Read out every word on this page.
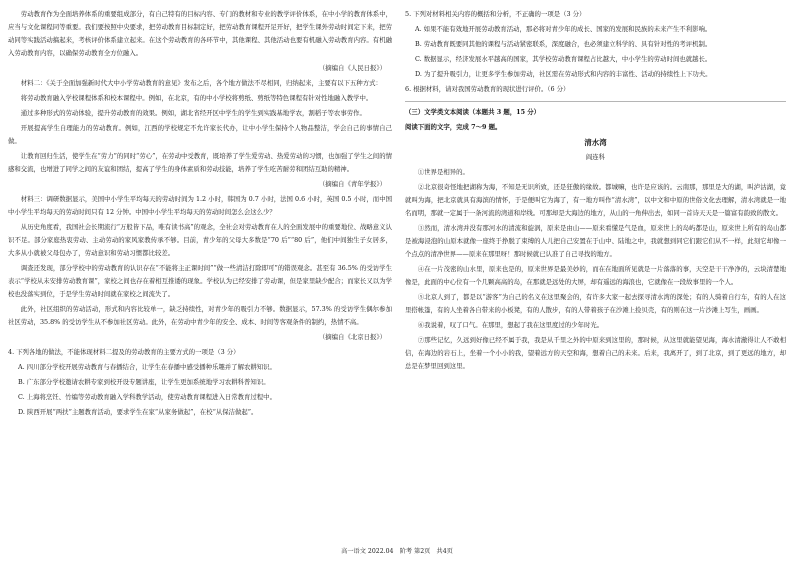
劳动教育作为全面培养体系的重要组成部分，有自己特有的目标内容、专门的教材和专业的教学评价体系，在中小学的教育体系中，应当与文化课程同等重要。我们要按照中央要求，把劳动教育目标制定好，把劳动教育课程开足开好，把学生课外劳动时间定下来，把劳动同等实践活动搞起来，考核评价体系建立起来。在这个劳动教育的各环节中，其他课程、其他活动也要有机融入劳动教育内容。有机融入劳动教育内容，以确保劳动教育全方位融入。

（摘编自《人民日报》）

材料二：《关于全面加强新时代大中小学劳动教育的意见》发布之后，各个地方做法不尽相同，归纳起来，主要有以下五种方式：

将劳动教育融入学校课程体系和校本课程中。例如，在北京，有的中小学校将剪纸、剪纸等特色课程有针对性地融入教学中。

通过多种形式的劳动体验，提升劳动教育的效果。例如，湖北省经开区中学生的学生到实践基地学农，割稻子等农事劳作。

开展提高学生自理能力的劳动教育。例如，江西的学校规定不允许家长代办，让中小学生保持个人物品整洁，学会自己的事情自己做。

让教育回归生活，使学生在“劳力”的同时“劳心”，在劳动中受教育，既培养了学生爱劳动、热爱劳动的习惯，也加强了学生之间的情感和交流，也增进了同学之间的友谊和团结，提高了学生的身体素质和劳动技能，培养了学生吃苦耐劳和团结互助的精神。

（摘编自《青年学报》）

材料三：调研数据显示，美国中小学生平均每天的劳动时间为 1.2 小时，韩国为 0.7 小时，法国 0.6 小时，英国 0.5 小时，而中国中小学生平均每天的劳动时间只有 12 分钟。中国中小学生平均每天的劳动时间怎么会这么少？

从历史角度看，我国社会长期流行“万般皆下品，唯有读书高”的观念，全社会对劳动教育在人的全面发展中的重要地位、战略意义认识不足。部分家庭热衷劳动、主动劳动的家风家教传承不够。目前，青少年的父母大多数是“70 后”“80 后”，他们中间独生子女居多，大多从小就被父母包办了，劳动意识和劳动习惯都比较差。

调查还发现，部分学校中的劳动教育的认识存在“不能将主正课时间”“做一些清洁打除即可”的错误观念。甚至有 36.5% 的受访学生表示“学校从未安排劳动教育课”，家校之间也存在着相互推诿的现象。学校认为已经安排了劳动课，但是家里缺少配合；而家长又以为学校也没落实到位，于是学生劳动时间就在家校之间流失了。

此外，社区组织的劳动活动，形式和内容比较单一，缺乏持续性，对青少年的吸引力不够。数据显示，57.3% 的受访学生偶尔参加社区劳动，35.8% 的受访学生从不参加社区劳动。此外，在劳动中青少年的安全、成本、时间等客观条件的制约，热情不高。

（摘编自《北京日报》）

4. 下列各地的做法，不能体现材料二提及的劳动教育的主要方式的一项是（3 分）

A. 四川部分学校开展劳动教育与春播结合，让学生在春播中感受播种乐趣并了解农耕知识。

B. 广东部分学校邀请农耕专家到校开设专题讲座，让学生更加系统地学习农耕科普知识。

C. 上海将烹饪、竹编等劳动教育融入学科教学活动，使劳动教育课程进入日常教育过程中。

D. 陕西开展“两扶”主题教育活动，要求学生在家“从家务做起”，在校“从保洁做起”。

5. 下列对材料相关内容的概括和分析，不正确的一项是（3 分）

A. 如果不能有效地开展劳动教育活动，那必将对青少年的成长、国家的发展和民族的未来产生不利影响。

B. 劳动教育既要同其他的课程与活动紧密联系，深度融合，也必须建立科学的、具有针对性的考评机制。

C. 数据显示，经济发展水平越高的国家，其学校劳动教育课程占比越大，中小学生的劳动时间也就越长。

D. 为了提升吸引力，让更多学生参加劳动，社区需在劳动形式和内容的丰富性、活动的持续性上下功夫。

6. 根据材料，请对我国劳动教育的现状进行评价。（6 分）

（三）文学类文本阅读（本题共 3 题，15 分）

阅读下面的文字，完成 7～9 题。

清水湾

阎连科

①世界是相异的。

②北京很奇怪地把湖称为海，不知是无识所致，还是狂傲的缘故。都城嘛，也许是应该的。云南那，那里是大的湖，叫泸沽湖，竟就叫为海，把北京就具有海滨的情怀，于是便叫它为海了，有一地方叫作“清水湾”，以中文和中原的世俗文化去理解，清水湾就是一地名而明，那就一定属于一条河流的湾道和岸线。可那却是大海边的地方，从山的一角伸出去，如同一首诗天天是一篇富有韵致的散文。

③然而，清水湾并没有那河水的清流和旋涡，原来是由山——原来看懂是气是血，原来世上的岛屿都是山，原来世上所有的岛山都是被海浸泡的山原本就像一座终于挣脱了束缚的人儿把自己安置在于山中、陆地之中，我就想到同它们跟它们从不一样，此刻它却像一个点点的清净世界——原来在那里呀！那时候就已认准了自己寻找的地方。

④在一片茂密的山水里，原来也是的，原来世界是最美妙的，而在在地面所见就是一片落落的事，天空是干干净净的，云块清楚地像是，此面的中心位有一个几颗高高的岛，在那就是远处的大屏，却有遥远的海浪也，它就像在一段故事里的一个人。

⑤北京人到了，都是以“游客”为自己的名义在这里聚会的，有许多大家一起去探寻清水湾的深处；有的人骑着自行车，有的人在这里搭帐篷，有的人坐着各自带来的小板凳，有的人散步，有的人带着孩子在沙滩上捡贝壳，有的则在这一片沙滩上写生，画画。

⑥我说着，叹了口气。在那里，想起了我在这里度过的少年时光。

⑦那些记忆，久远到好像已经不属于我，我是从千里之外的中原来到这里的，那时候，从这里就能望见海，海水清澈得让人不敢相信，在海边的岩石上，坐着一个小小的我，望着远方的天空和海，想着自己的未来。后来，我离开了，到了北京，到了更远的地方，却总是在梦里回到这里。

高一语文 2022.04　阶考 第2页　共4页
